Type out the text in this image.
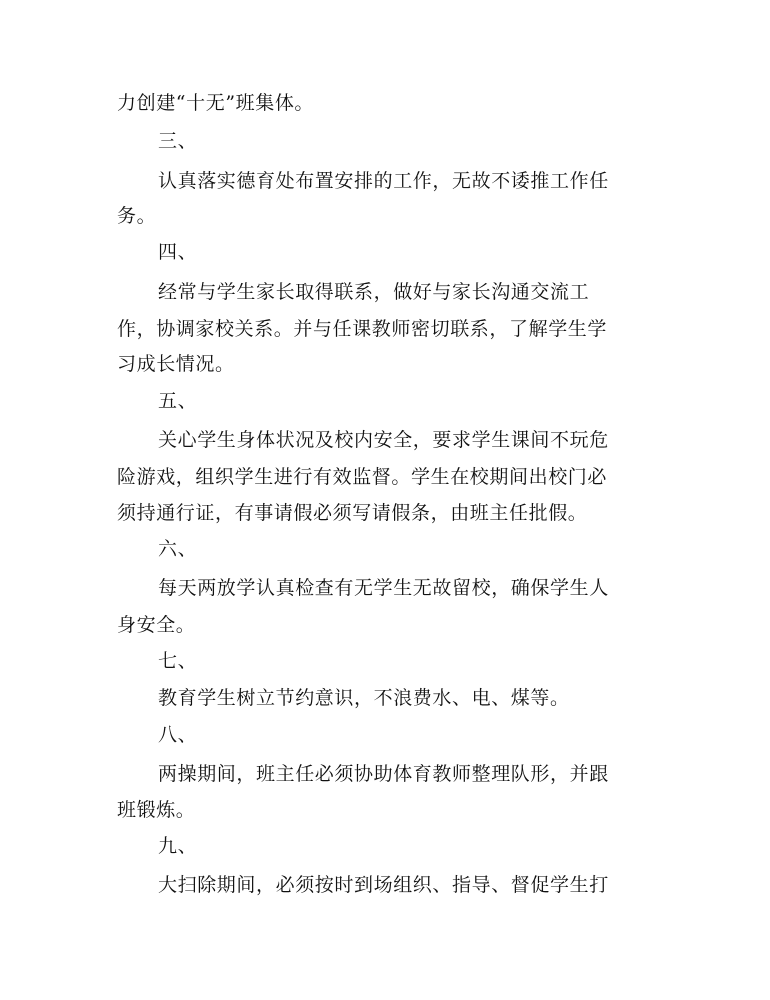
力创建“十无”班集体。
三、
认真落实德育处布置安排的工作，无故不诿推工作任
务。
四、
经常与学生家长取得联系，做好与家长沟通交流工
作，协调家校关系。并与任课教师密切联系，了解学生学
习成长情况。
五、
关心学生身体状况及校内安全，要求学生课间不玩危
险游戏，组织学生进行有效监督。学生在校期间出校门必
须持通行证，有事请假必须写请假条，由班主任批假。
六、
每天两放学认真检查有无学生无故留校，确保学生人
身安全。
七、
教育学生树立节约意识，不浪费水、电、煤等。
八、
两操期间，班主任必须协助体育教师整理队形，并跟
班锻炼。
九、
大扫除期间，必须按时到场组织、指导、督促学生打
